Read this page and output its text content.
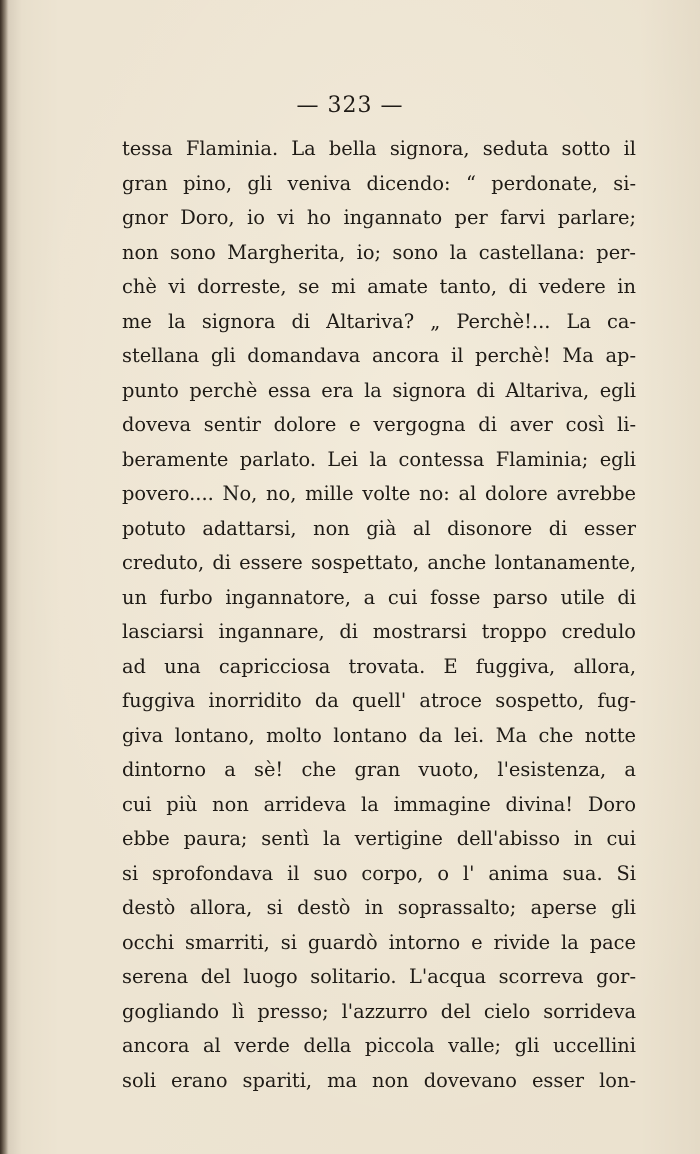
— 323 —
tessa Flaminia. La bella signora, seduta sotto il
gran pino, gli veniva dicendo: “ perdonate, si-
gnor Doro, io vi ho ingannato per farvi parlare;
non sono Margherita, io; sono la castellana: per-
chè vi dorreste, se mi amate tanto, di vedere in
me la signora di Altariva? „ Perchè!... La ca-
stellana gli domandava ancora il perchè! Ma ap-
punto perchè essa era la signora di Altariva, egli
doveva sentir dolore e vergogna di aver così li-
beramente parlato. Lei la contessa Flaminia; egli
povero.... No, no, mille volte no: al dolore avrebbe
potuto adattarsi, non già al disonore di esser
creduto, di essere sospettato, anche lontanamente,
un furbo ingannatore, a cui fosse parso utile di
lasciarsi ingannare, di mostrarsi troppo credulo
ad una capricciosa trovata. E fuggiva, allora,
fuggiva inorridito da quell' atroce sospetto, fug-
giva lontano, molto lontano da lei. Ma che notte
dintorno a sè! che gran vuoto, l'esistenza, a
cui più non arrideva la immagine divina! Doro
ebbe paura; sentì la vertigine dell'abisso in cui
si sprofondava il suo corpo, o l' anima sua. Si
destò allora, si destò in soprassalto; aperse gli
occhi smarriti, si guardò intorno e rivide la pace
serena del luogo solitario. L'acqua scorreva gor-
gogliando lì presso; l'azzurro del cielo sorrideva
ancora al verde della piccola valle; gli uccellini
soli erano spariti, ma non dovevano esser lon-
